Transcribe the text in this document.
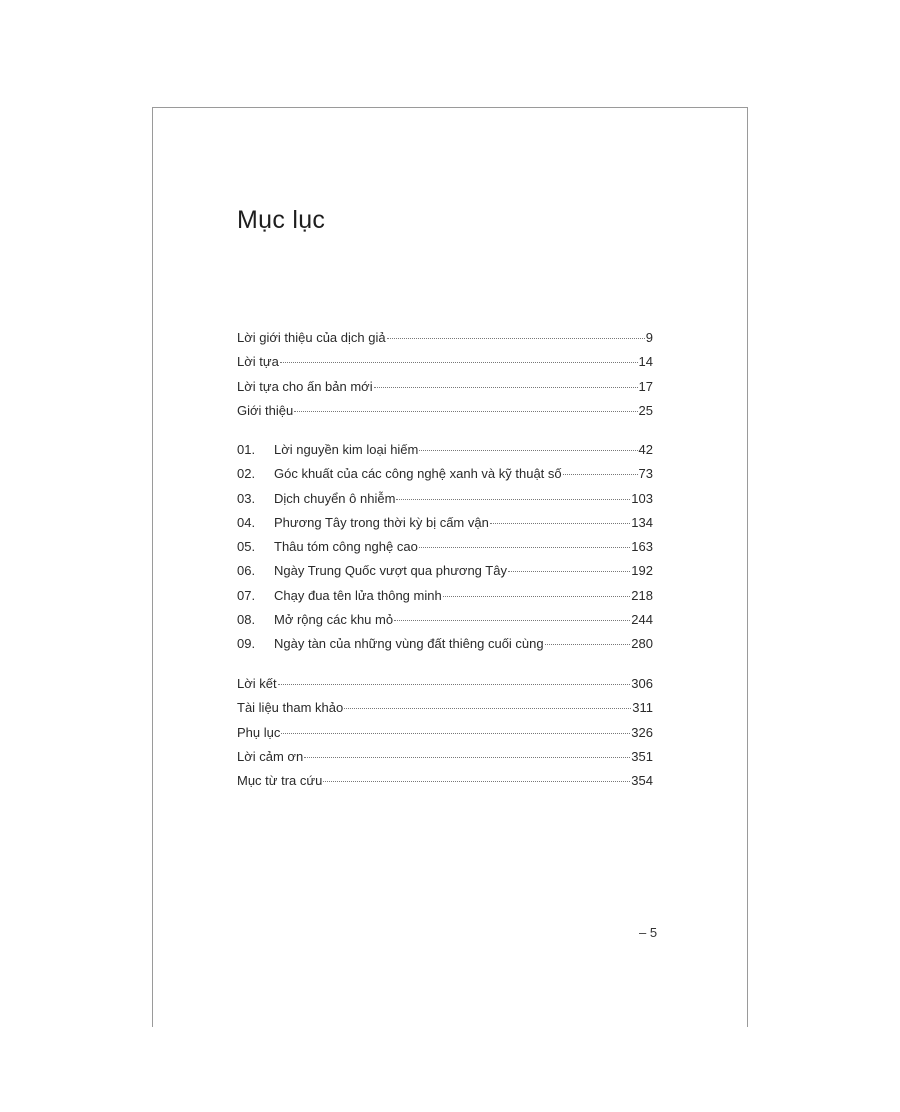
Mục lục
Lời giới thiệu của dịch giả	9
Lời tựa	14
Lời tựa cho ấn bản mới	17
Giới thiệu	25
01.	Lời nguyền kim loại hiếm	42
02.	Góc khuất của các công nghệ xanh và kỹ thuật số	73
03.	Dịch chuyển ô nhiễm	103
04.	Phương Tây trong thời kỳ bị cấm vận	134
05.	Thâu tóm công nghệ cao	163
06.	Ngày Trung Quốc vượt qua phương Tây	192
07.	Chạy đua tên lửa thông minh	218
08.	Mở rộng các khu mỏ	244
09.	Ngày tàn của những vùng đất thiêng cuối cùng	280
Lời kết	306
Tài liệu tham khảo	311
Phụ lục	326
Lời cảm ơn	351
Mục từ tra cứu	354
– 5
